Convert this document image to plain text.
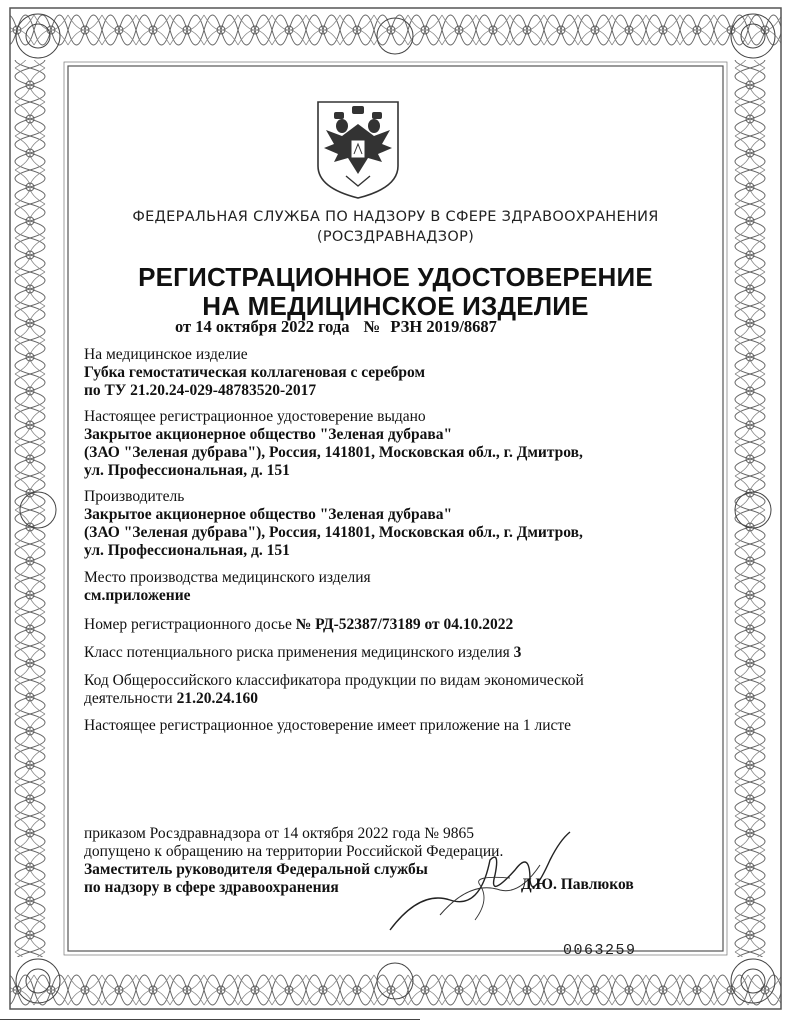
ФЕДЕРАЛЬНАЯ СЛУЖБА ПО НАДЗОРУ В СФЕРЕ ЗДРАВООХРАНЕНИЯ
(РОСЗДРАВНАДЗОР)
РЕГИСТРАЦИОННОЕ УДОСТОВЕРЕНИЕ
НА МЕДИЦИНСКОЕ ИЗДЕЛИЕ
от 14 октября 2022 года № РЗН 2019/8687
На медицинское изделие
Губка гемостатическая коллагеновая с серебром
по ТУ 21.20.24-029-48783520-2017
Настоящее регистрационное удостоверение выдано
Закрытое акционерное общество "Зеленая дубрава"
(ЗАО "Зеленая дубрава"), Россия, 141801, Московская обл., г. Дмитров,
ул. Профессиональная, д. 151
Производитель
Закрытое акционерное общество "Зеленая дубрава"
(ЗАО "Зеленая дубрава"), Россия, 141801, Московская обл., г. Дмитров,
ул. Профессиональная, д. 151
Место производства медицинского изделия
см.приложение
Номер регистрационного досье № РД-52387/73189 от 04.10.2022
Класс потенциального риска применения медицинского изделия 3
Код Общероссийского классификатора продукции по видам экономической
деятельности 21.20.24.160
Настоящее регистрационное удостоверение имеет приложение на 1 листе
приказом Росздравнадзора от 14 октября 2022 года № 9865
допущено к обращению на территории Российской Федерации.
Заместитель руководителя Федеральной службы
по надзору в сфере здравоохранения	Д.Ю. Павлюков
0063259
